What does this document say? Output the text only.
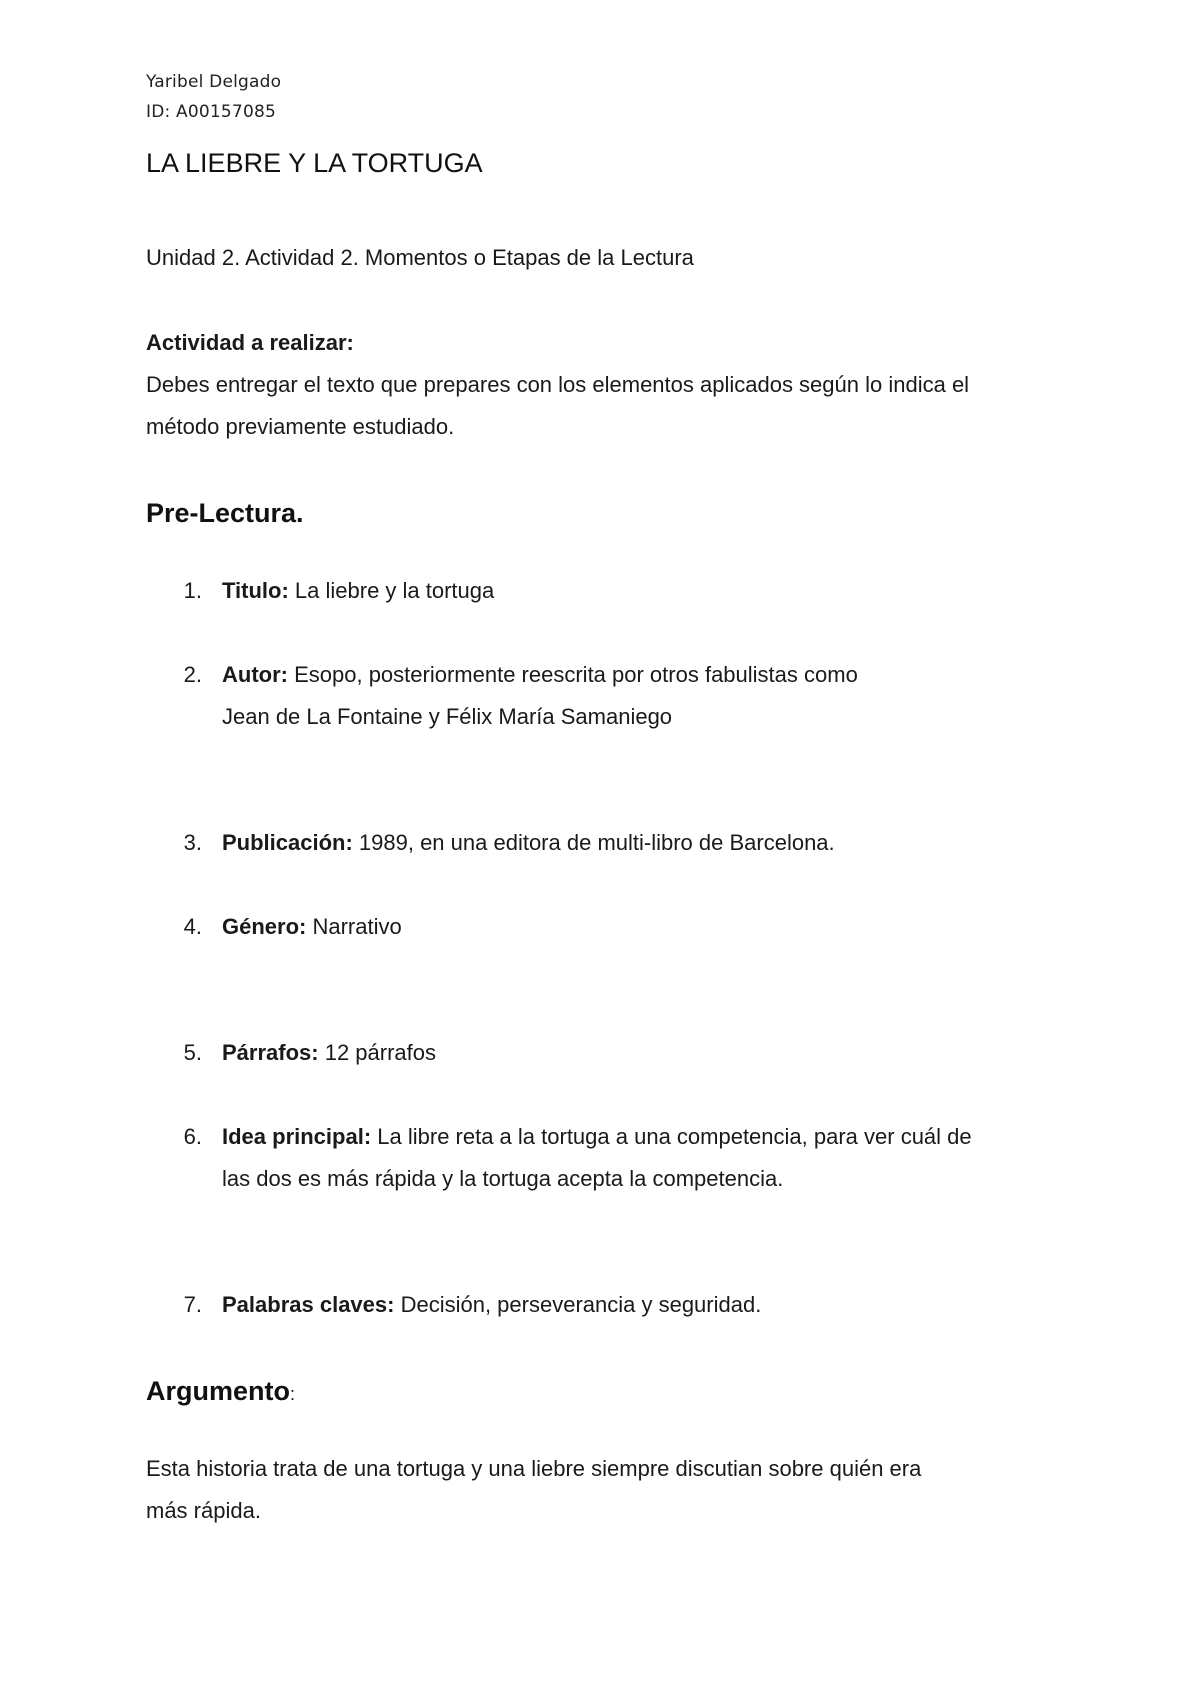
Yaribel Delgado
ID: A00157085
LA LIEBRE Y LA TORTUGA
Unidad 2. Actividad 2. Momentos o Etapas de la Lectura
Actividad a realizar:
Debes entregar el texto que prepares con los elementos aplicados según lo indica el
método previamente estudiado.
Pre-Lectura.
1. Titulo: La liebre y la tortuga
2. Autor: Esopo, posteriormente reescrita por otros fabulistas como
Jean de La Fontaine y Félix María Samaniego
3. Publicación: 1989, en una editora de multi-libro de Barcelona.
4. Género: Narrativo
5. Párrafos: 12 párrafos
6. Idea principal: La libre reta a la tortuga a una competencia, para ver cuál de
las dos es más rápida y la tortuga acepta la competencia.
7. Palabras claves: Decisión, perseverancia y seguridad.
Argumento:
Esta historia trata de una tortuga y una liebre siempre discutian sobre quién era
más rápida.
